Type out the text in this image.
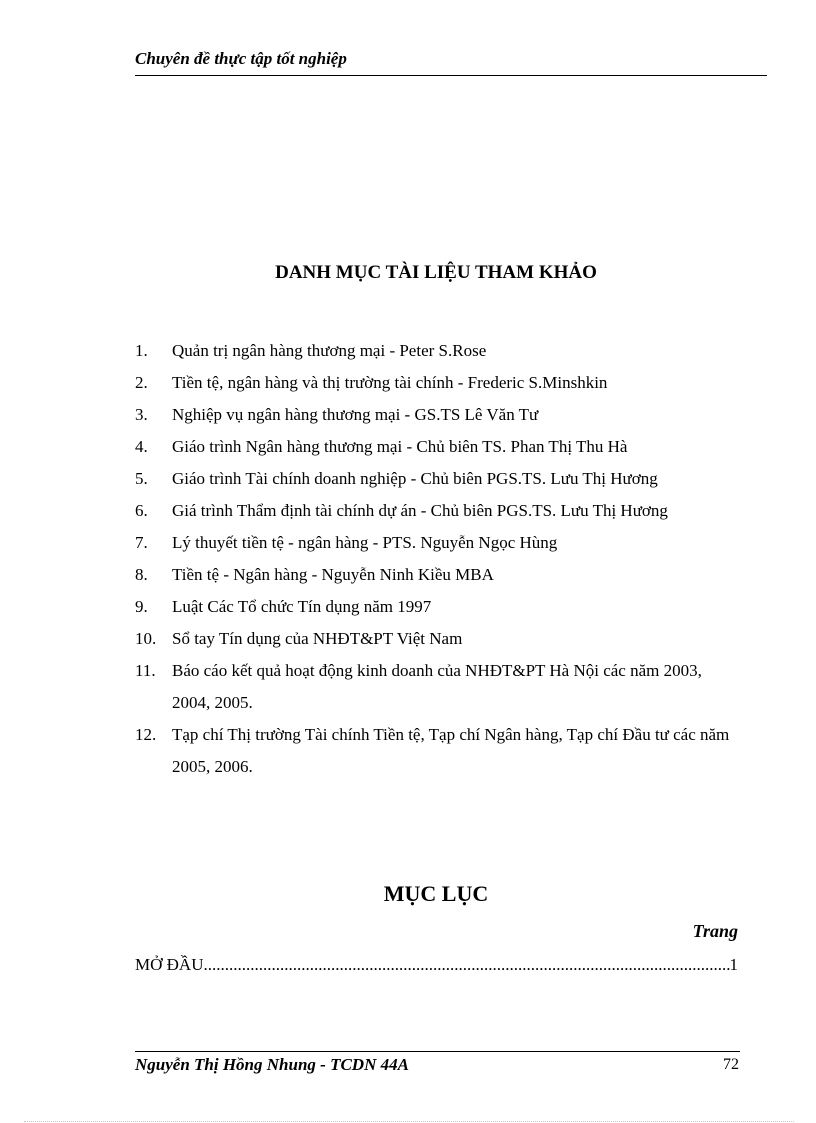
Chuyên đề thực tập tốt nghiệp
DANH MỤC TÀI LIỆU THAM KHẢO
1.	Quản trị ngân hàng thương mại - Peter S.Rose
2.	Tiền tệ, ngân hàng và thị trường tài chính - Frederic S.Minshkin
3.	Nghiệp vụ ngân hàng thương mại - GS.TS Lê Văn Tư
4.	Giáo trình Ngân hàng thương mại - Chủ biên TS. Phan Thị Thu Hà
5.	Giáo trình Tài chính doanh nghiệp - Chủ biên PGS.TS. Lưu Thị Hương
6.	Giá trình Thẩm định tài chính dự án - Chủ biên PGS.TS. Lưu Thị Hương
7.	Lý thuyết tiền tệ - ngân hàng - PTS. Nguyễn Ngọc Hùng
8.	Tiền tệ - Ngân hàng - Nguyễn Ninh Kiều MBA
9.	Luật Các Tổ chức Tín dụng năm 1997
10. Sổ tay Tín dụng của NHĐT&PT Việt Nam
11. Báo cáo kết quả hoạt động kinh doanh của NHĐT&PT Hà Nội các năm 2003, 2004, 2005.
12. Tạp chí Thị trường Tài chính Tiền tệ, Tạp chí Ngân hàng, Tạp chí Đầu tư các năm 2005, 2006.
MỤC LỤC
Trang
MỞ ĐẦU
.....	1
Nguyễn Thị Hồng Nhung - TCDN 44A	72
